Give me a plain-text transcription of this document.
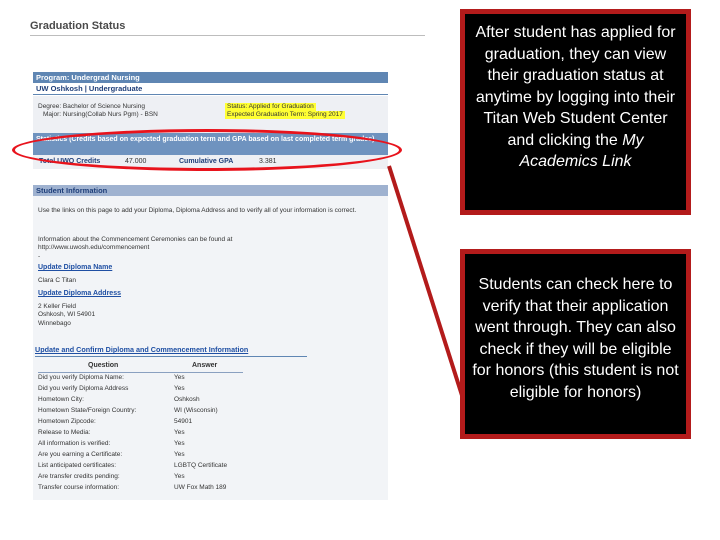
Graduation Status
Program: Undergrad Nursing
UW Oshkosh | Undergraduate
Degree: Bachelor of Science Nursing
Major: Nursing(Collab Nurs Pgm) - BSN
Status: Applied for Graduation
Expected Graduation Term: Spring 2017
Statistics (Credits based on expected graduation term and GPA based on last completed term grades)
Total UWO Credits	47.000	Cumulative GPA	3.381
Student Information
Use the links on this page to add your Diploma, Diploma Address and to verify all of your information is correct.
Information about the Commencement Ceremonies can be found at
http://www.uwosh.edu/commencement
-
Update Diploma Name
Clara C Titan
Update Diploma Address
2 Keller Field
Oshkosh, WI 54901
Winnebago
Update and Confirm Diploma and Commencement Information
Question	Answer
Did you verify Diploma Name:	Yes
Did you verify Diploma Address	Yes
Hometown City:	Oshkosh
Hometown State/Foreign Country:	WI (Wisconsin)
Hometown Zipcode:	54901
Release to Media:	Yes
All information is verified:	Yes
Are you earning a Certificate:	Yes
List anticipated certificates:	LGBTQ Certificate
Are transfer credits pending:	Yes
Transfer course information:	UW Fox Math 189
After student has applied for graduation, they can view their graduation status at anytime by logging into their Titan Web Student Center and clicking the My Academics Link
Students can check here to verify that their application went through. They can also check if they will be eligible for honors (this student is not eligible for honors)
